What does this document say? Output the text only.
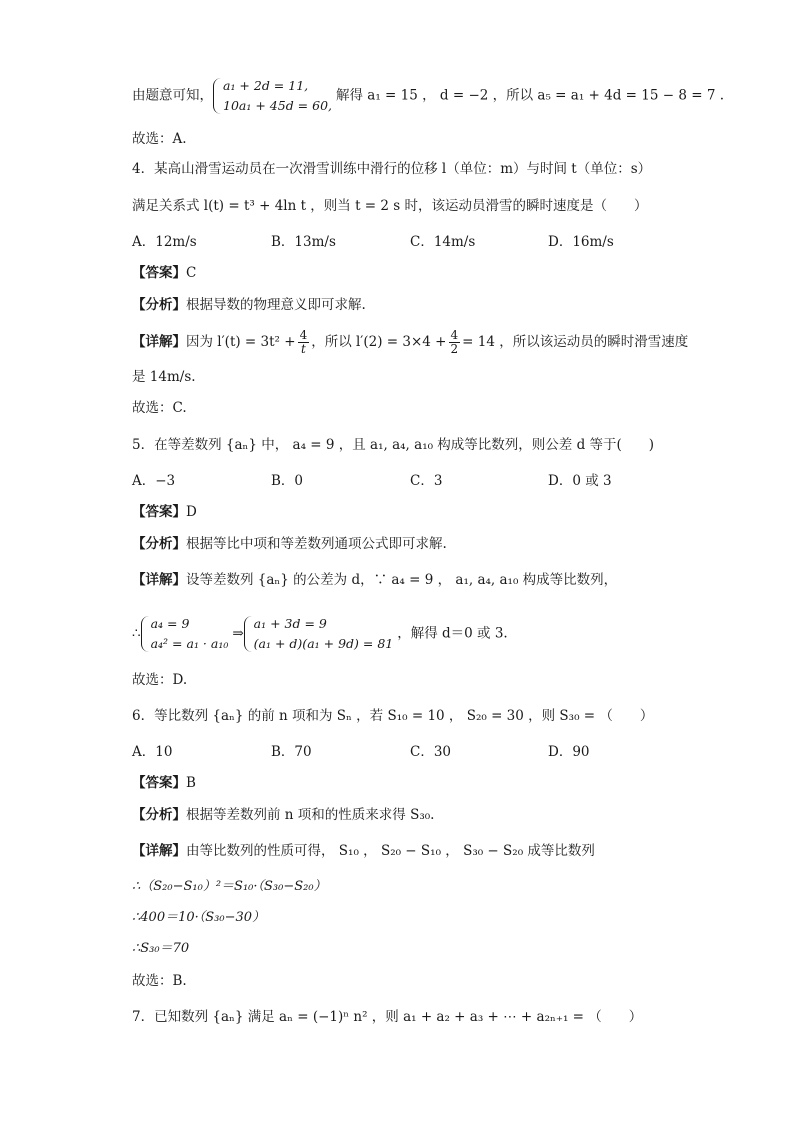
由题意可知，
a₁ + 2d = 11,
10a₁ + 45d = 60,
解得 a₁ = 15 ， d = −2 ，所以 a₅ = a₁ + 4d = 15 − 8 = 7 .
故选：A.
4．某高山滑雪运动员在一次滑雪训练中滑行的位移 l（单位：m）与时间 t（单位：s）
满足关系式 l(t) = t³ + 4ln t ，则当 t = 2 s 时，该运动员滑雪的瞬时速度是（　　）
A．12m/s	B．13m/s	C．14m/s	D．16m/s
【答案】C
【分析】根据导数的物理意义即可求解.
【详解】因为 $l'(t) = 3t^2 + \frac{4}{t}$ ，所以 $l'(2) = 3\times 4 + \frac{4}{2} = 14$ ，所以该运动员的瞬时滑雪速度
是 14m/s.
故选：C.
5．在等差数列 {aₙ} 中， a₄ = 9 ，且 a₁, a₄, a₁₀ 构成等比数列，则公差 d 等于(　　)
A．−3	B．0	C．3	D．0 或 3
【答案】D
【分析】根据等比中项和等差数列通项公式即可求解.
【详解】设等差数列 {aₙ} 的公差为 d，∵ a₄ = 9 ， a₁, a₄, a₁₀ 构成等比数列，
∴
a₄ = 9
a₄² = a₁ · a₁₀
⇒
a₁ + 3d = 9
(a₁ + d)(a₁ + 9d) = 81
，解得 d＝0 或 3.
故选：D.
6．等比数列 {aₙ} 的前 n 项和为 Sₙ ，若 S₁₀ = 10 ， S₂₀ = 30 ，则 S₃₀ = （　　）
A．10	B．70	C．30	D．90
【答案】B
【分析】根据等差数列前 n 项和的性质来求得 S₃₀.
【详解】由等比数列的性质可得， S₁₀ ， S₂₀ − S₁₀ ， S₃₀ − S₂₀ 成等比数列
∴（S₂₀−S₁₀）²＝S₁₀·（S₃₀−S₂₀）
∴400＝10·（S₃₀−30）
∴S₃₀＝70
故选：B.
7．已知数列 {aₙ} 满足 aₙ = (−1)ⁿ n² ，则 a₁ + a₂ + a₃ + ⋯ + a₂ₙ₊₁ = （　　）
